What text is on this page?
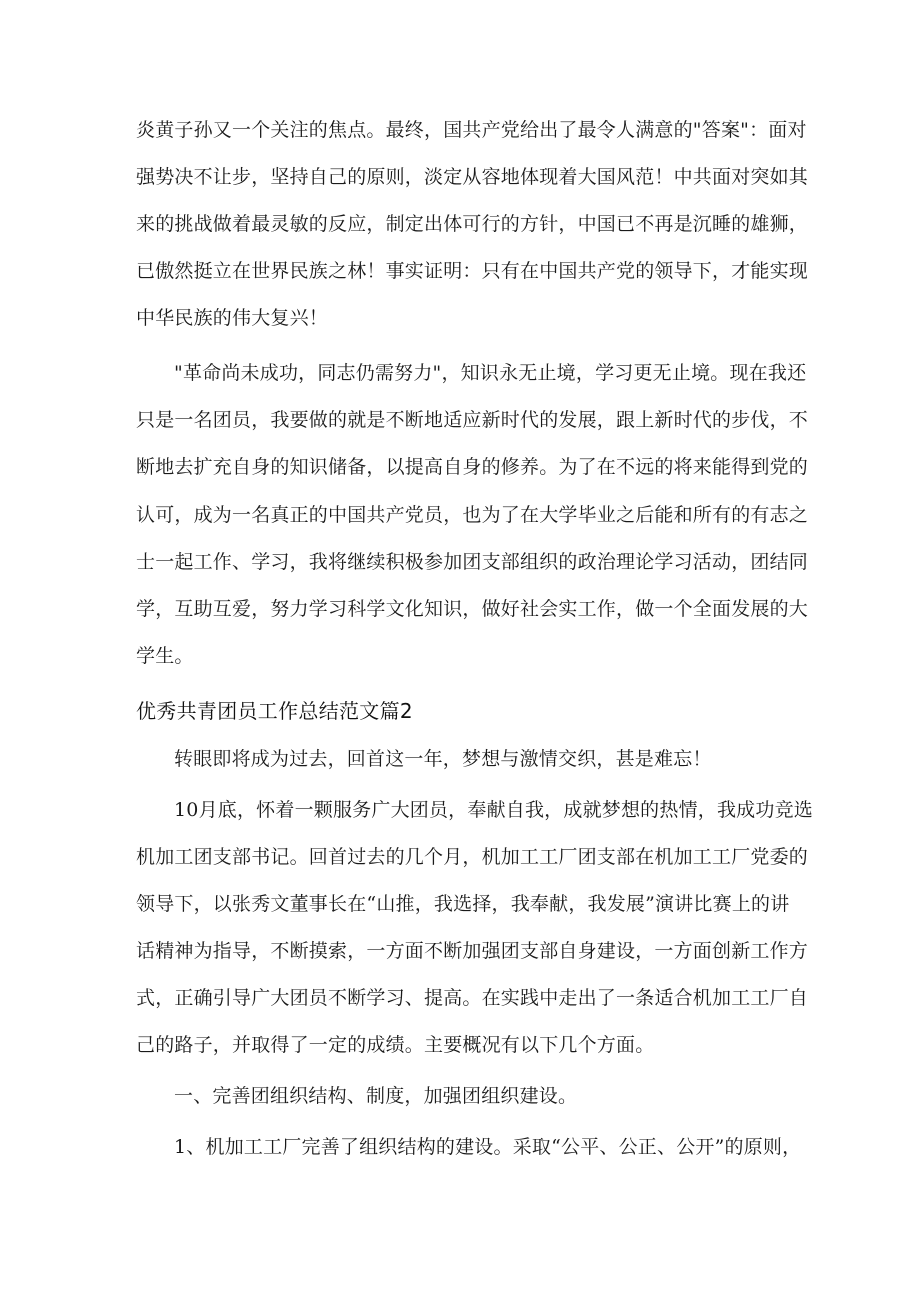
炎黄子孙又一个关注的焦点。最终，国共产党给出了最令人满意的"答案"：面对
强势决不让步，坚持自己的原则，淡定从容地体现着大国风范！中共面对突如其
来的挑战做着最灵敏的反应，制定出体可行的方针，中国已不再是沉睡的雄狮，
已傲然挺立在世界民族之林！事实证明：只有在中国共产党的领导下，才能实现
中华民族的伟大复兴！
"革命尚未成功，同志仍需努力"，知识永无止境，学习更无止境。现在我还
只是一名团员，我要做的就是不断地适应新时代的发展，跟上新时代的步伐，不
断地去扩充自身的知识储备，以提高自身的修养。为了在不远的将来能得到党的
认可，成为一名真正的中国共产党员，也为了在大学毕业之后能和所有的有志之
士一起工作、学习，我将继续积极参加团支部组织的政治理论学习活动，团结同
学，互助互爱，努力学习科学文化知识，做好社会实工作，做一个全面发展的大
学生。
优秀共青团员工作总结范文篇2
转眼即将成为过去，回首这一年，梦想与激情交织，甚是难忘！
10月底，怀着一颗服务广大团员，奉献自我，成就梦想的热情，我成功竞选
机加工团支部书记。回首过去的几个月，机加工工厂团支部在机加工工厂党委的
领导下，以张秀文董事长在“山推，我选择，我奉献，我发展”演讲比赛上的讲
话精神为指导，不断摸索，一方面不断加强团支部自身建设，一方面创新工作方
式，正确引导广大团员不断学习、提高。在实践中走出了一条适合机加工工厂自
己的路子，并取得了一定的成绩。主要概况有以下几个方面。
一、完善团组织结构、制度，加强团组织建设。
1、机加工工厂完善了组织结构的建设。采取“公平、公正、公开”的原则，
